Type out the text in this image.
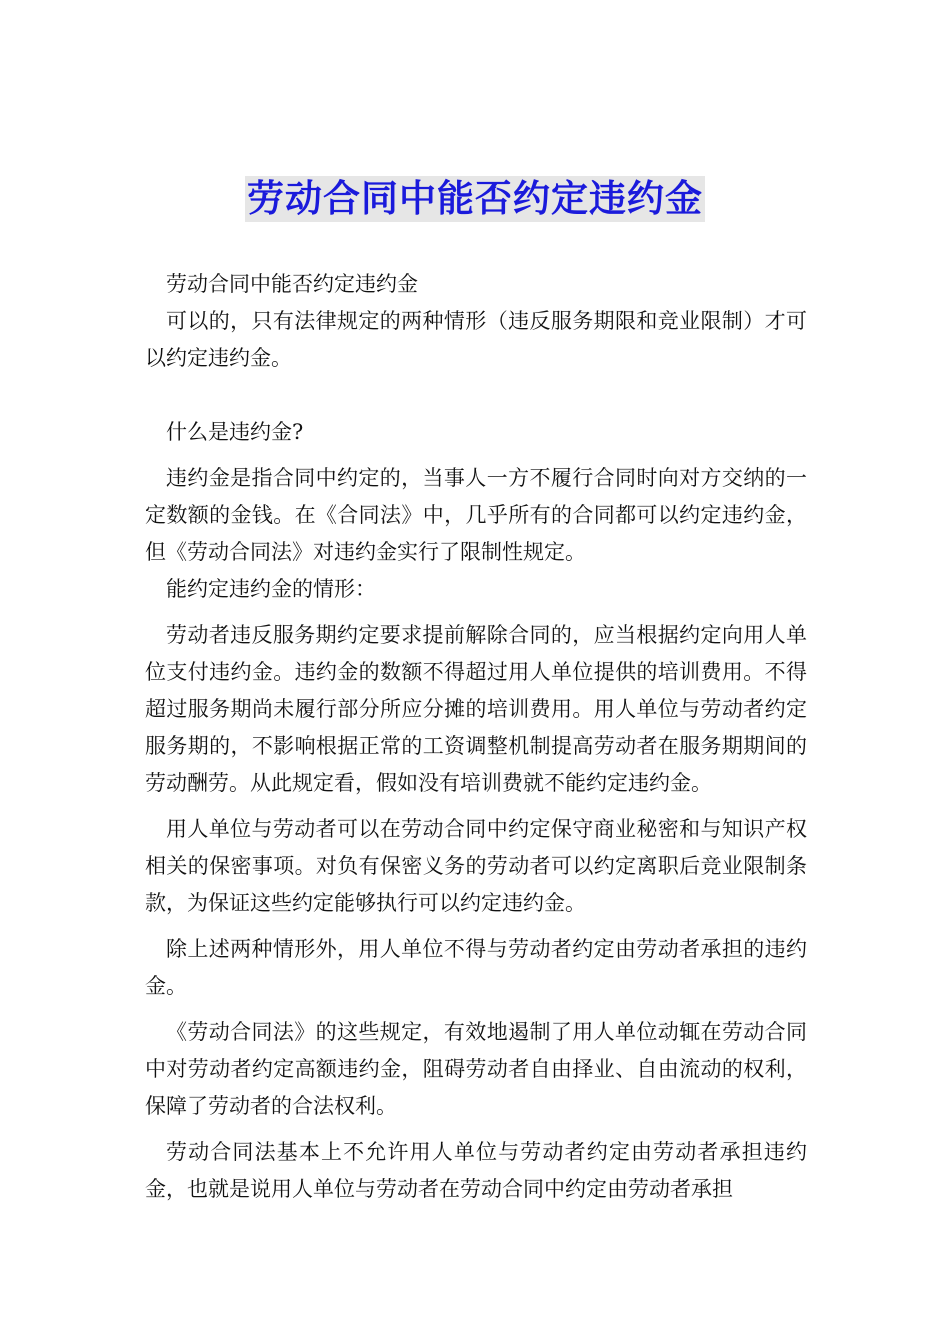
劳动合同中能否约定违约金

劳动合同中能否约定违约金

可以的，只有法律规定的两种情形（违反服务期限和竞业限制）才可以约定违约金。

什么是违约金?

违约金是指合同中约定的，当事人一方不履行合同时向对方交纳的一定数额的金钱。在《合同法》中，几乎所有的合同都可以约定违约金，但《劳动合同法》对违约金实行了限制性规定。

能约定违约金的情形：

劳动者违反服务期约定要求提前解除合同的，应当根据约定向用人单位支付违约金。违约金的数额不得超过用人单位提供的培训费用。不得超过服务期尚未履行部分所应分摊的培训费用。用人单位与劳动者约定服务期的，不影响根据正常的工资调整机制提高劳动者在服务期期间的劳动酬劳。从此规定看，假如没有培训费就不能约定违约金。

用人单位与劳动者可以在劳动合同中约定保守商业秘密和与知识产权相关的保密事项。对负有保密义务的劳动者可以约定离职后竞业限制条款，为保证这些约定能够执行可以约定违约金。

除上述两种情形外，用人单位不得与劳动者约定由劳动者承担的违约金。

《劳动合同法》的这些规定，有效地遏制了用人单位动辄在劳动合同中对劳动者约定高额违约金，阻碍劳动者自由择业、自由流动的权利，保障了劳动者的合法权利。

劳动合同法基本上不允许用人单位与劳动者约定由劳动者承担违约金，也就是说用人单位与劳动者在劳动合同中约定由劳动者承担
